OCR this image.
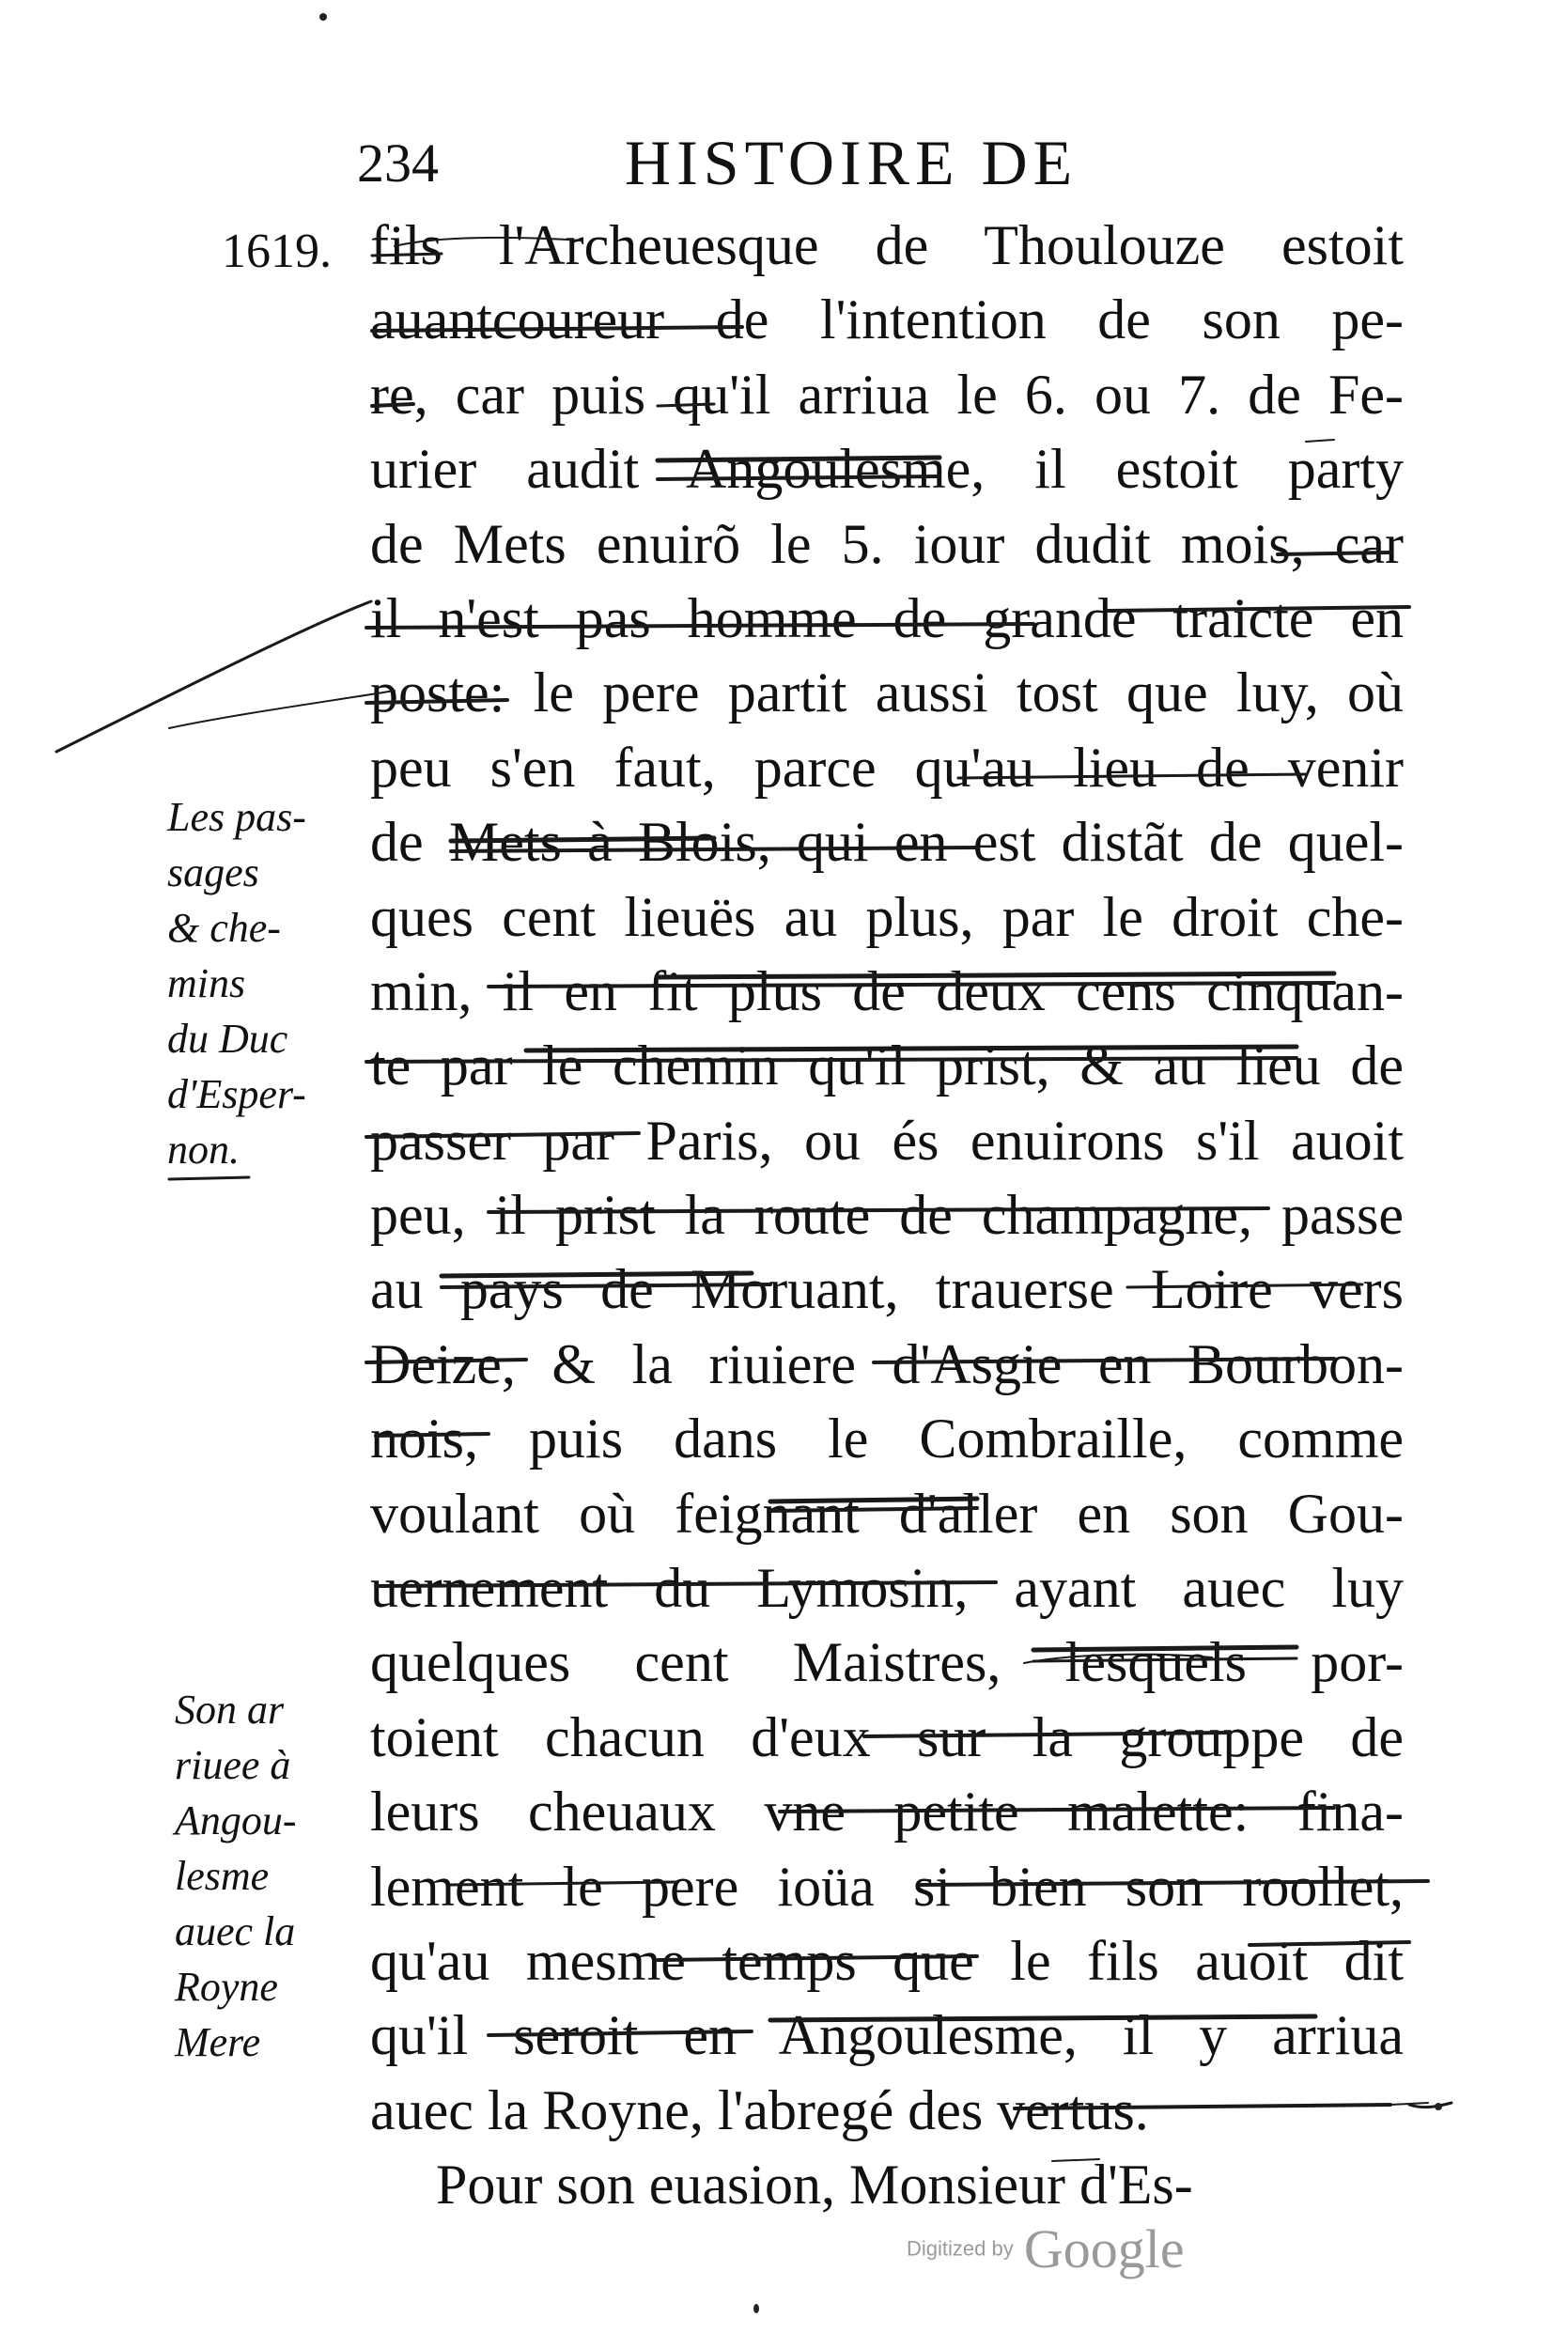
234	HISTOIRE DE
1619. fils l'Archeuesque de Thoulouze estoit
auantcoureur de l'intention de son pe-
re, car puis qu'il arriua le 6. ou 7. de Fe-
urier audit Angoulesme, il estoit party
de Mets enuirõ le 5. iour dudit mois, car
il n'est pas homme de grande traicte en
poste: le pere partit aussi tost que luy, où
peu s'en faut, parce qu'au lieu de venir
de Mets à Blois, qui en est distãt de quel-
ques cent lieuës au plus, par le droit che-
min, il en fit plus de deux cens cinquan-
te par le chemin qu'il prist, & au lieu de
passer par Paris, ou és enuirons s'il auoit
peu, il prist la route de champagne, passe
au pays de Moruant, trauerse Loire vers
Deize, & la riuiere d'Asgie en Bourbon-
nois, puis dans le Combraille, comme
voulant où feignant d'aller en son Gou-
uernement du Lymosin, ayant auec luy
quelques cent Maistres, lesquels por-
toient chacun d'eux sur la grouppe de
leurs cheuaux vne petite malette: fina-
lement le pere ioüa si bien son roollet,
qu'au mesme temps que le fils auoit dit
qu'il seroit en Angoulesme, il y arriua
auec la Royne, l'abregé des vertus.
Pour son euasion, Monsieur d'Es-
Les pas-
sages
& che-
mins
du Duc
d'Esper-
non.
Son ar
riuee à
Angou-
lesme
auec la
Royne
Mere
Digitized by Google
